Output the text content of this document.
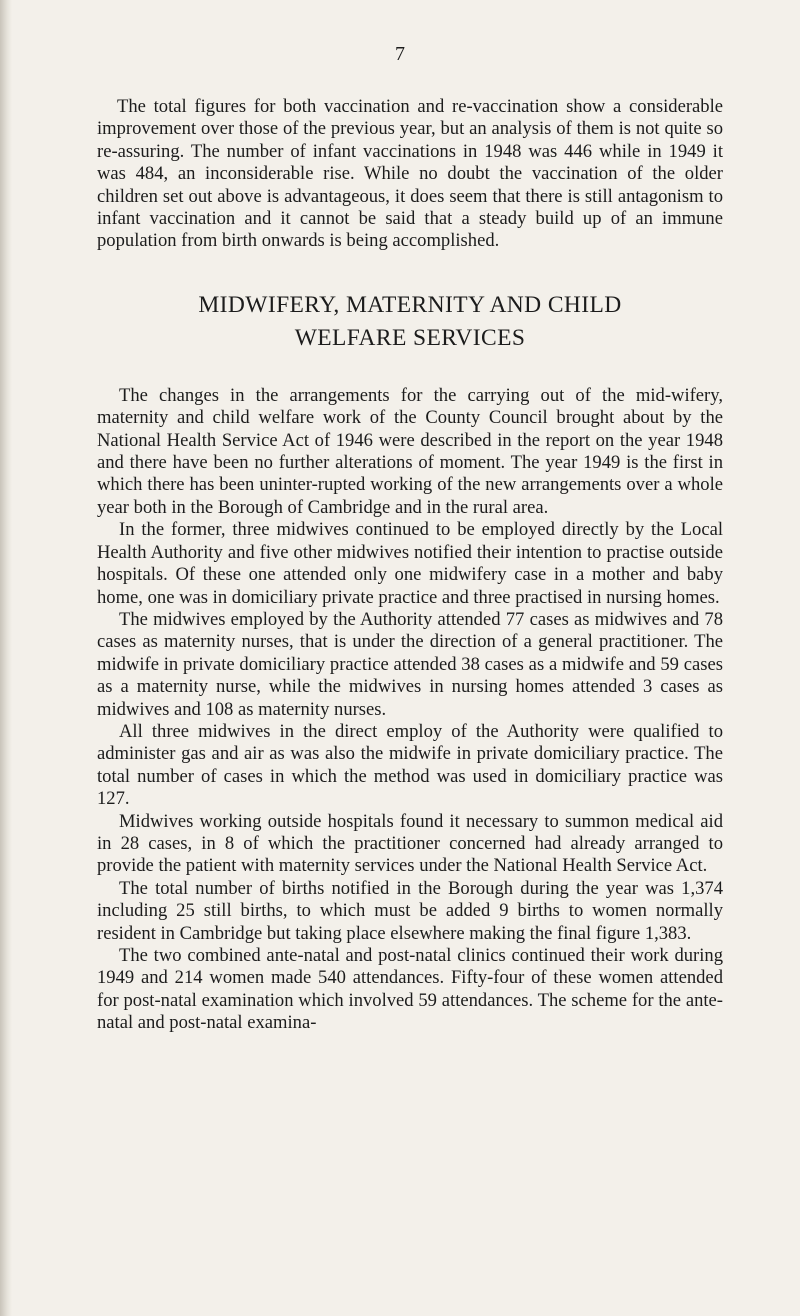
7

The total figures for both vaccination and re-vaccination show a considerable improvement over those of the previous year, but an analysis of them is not quite so re-assuring. The number of infant vaccinations in 1948 was 446 while in 1949 it was 484, an inconsiderable rise. While no doubt the vaccination of the older children set out above is advantageous, it does seem that there is still antagonism to infant vaccination and it cannot be said that a steady build up of an immune population from birth onwards is being accomplished.

MIDWIFERY, MATERNITY AND CHILD
WELFARE SERVICES

The changes in the arrangements for the carrying out of the mid-wifery, maternity and child welfare work of the County Council brought about by the National Health Service Act of 1946 were described in the report on the year 1948 and there have been no further alterations of moment. The year 1949 is the first in which there has been uninter-rupted working of the new arrangements over a whole year both in the Borough of Cambridge and in the rural area.

In the former, three midwives continued to be employed directly by the Local Health Authority and five other midwives notified their intention to practise outside hospitals. Of these one attended only one midwifery case in a mother and baby home, one was in domiciliary private practice and three practised in nursing homes.

The midwives employed by the Authority attended 77 cases as midwives and 78 cases as maternity nurses, that is under the direction of a general practitioner. The midwife in private domiciliary practice attended 38 cases as a midwife and 59 cases as a maternity nurse, while the midwives in nursing homes attended 3 cases as midwives and 108 as maternity nurses.

All three midwives in the direct employ of the Authority were qualified to administer gas and air as was also the midwife in private domiciliary practice. The total number of cases in which the method was used in domiciliary practice was 127.

Midwives working outside hospitals found it necessary to summon medical aid in 28 cases, in 8 of which the practitioner concerned had already arranged to provide the patient with maternity services under the National Health Service Act.

The total number of births notified in the Borough during the year was 1,374 including 25 still births, to which must be added 9 births to women normally resident in Cambridge but taking place elsewhere making the final figure 1,383.

The two combined ante-natal and post-natal clinics continued their work during 1949 and 214 women made 540 attendances. Fifty-four of these women attended for post-natal examination which involved 59 attendances. The scheme for the ante-natal and post-natal examina-
